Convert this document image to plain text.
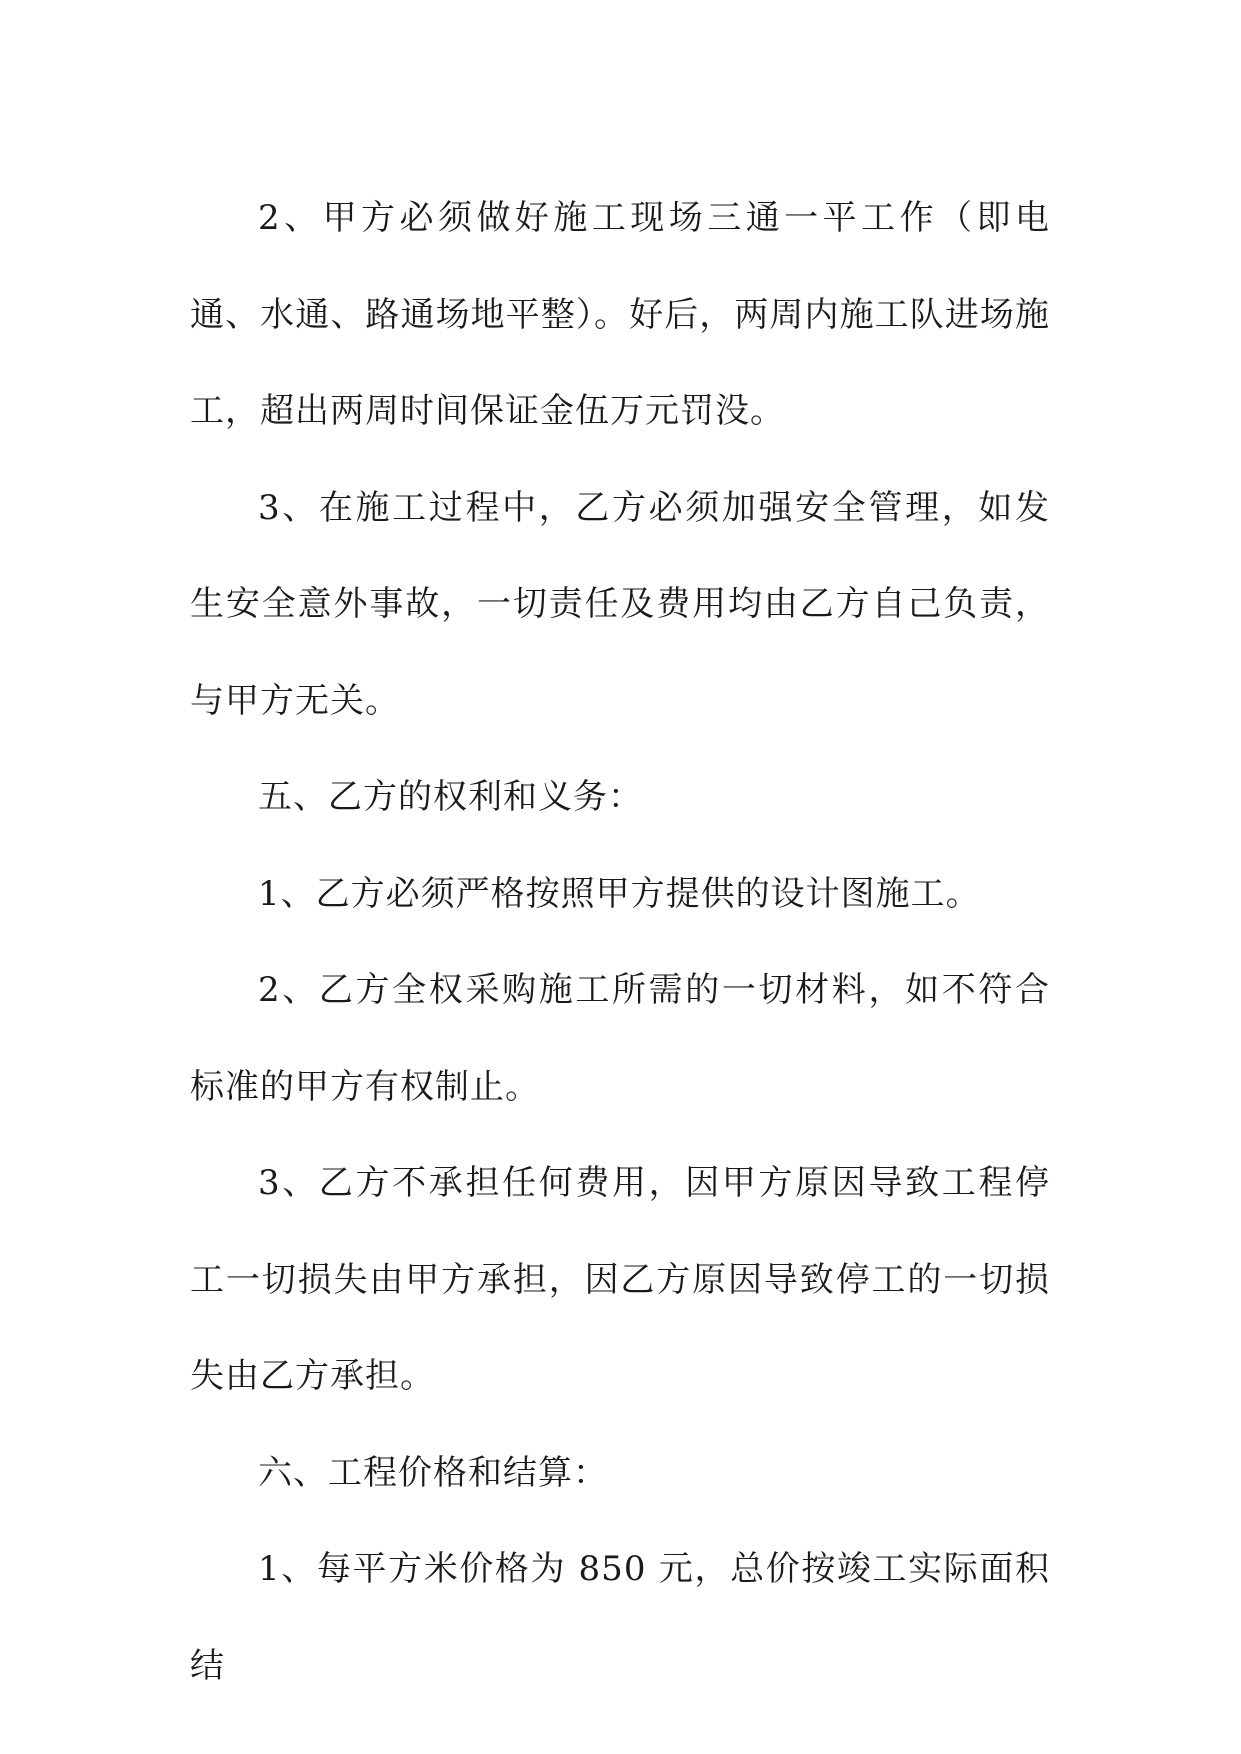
2、甲方必须做好施工现场三通一平工作（即电通、水通、路通场地平整）。好后，两周内施工队进场施工，超出两周时间保证金伍万元罚没。

3、在施工过程中，乙方必须加强安全管理，如发生安全意外事故，一切责任及费用均由乙方自己负责，与甲方无关。

五、乙方的权利和义务：

1、乙方必须严格按照甲方提供的设计图施工。

2、乙方全权采购施工所需的一切材料，如不符合标准的甲方有权制止。

3、乙方不承担任何费用，因甲方原因导致工程停工一切损失由甲方承担，因乙方原因导致停工的一切损失由乙方承担。

六、工程价格和结算：

1、每平方米价格为 850 元，总价按竣工实际面积结
